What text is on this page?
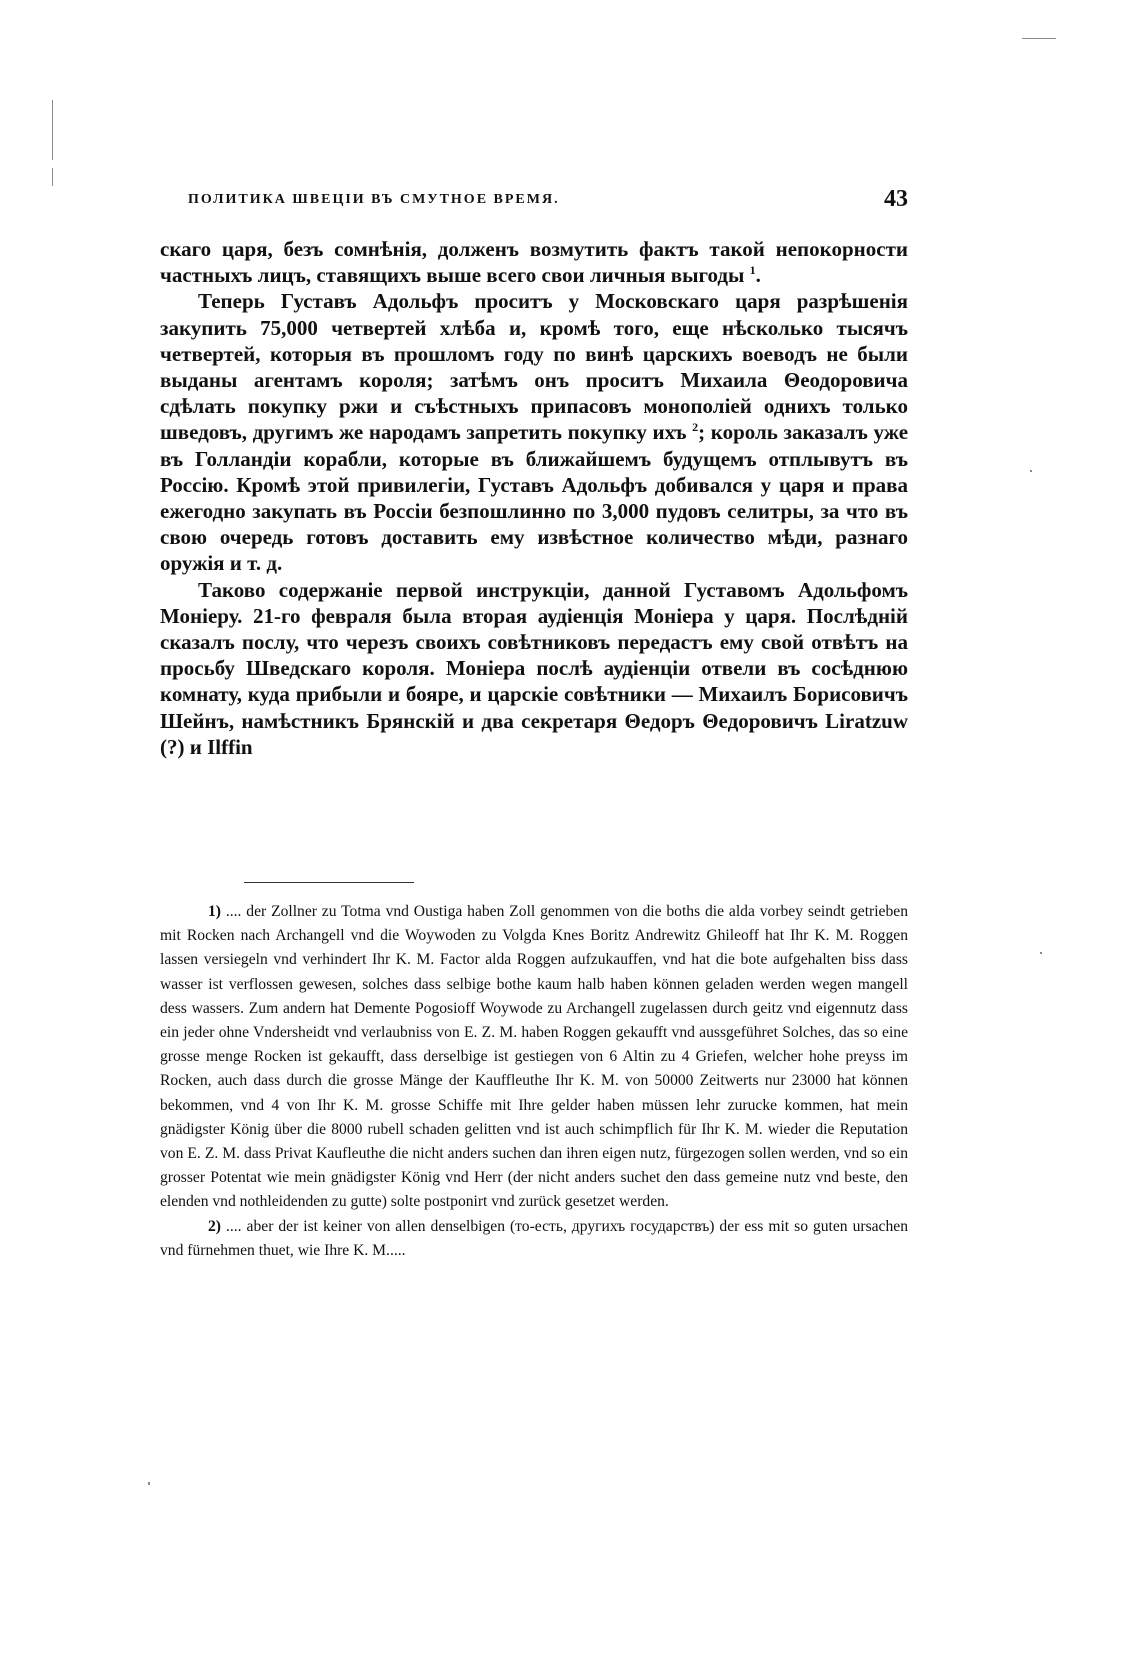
ПОЛИТИКА ШВЕЦІИ ВЪ СМУТНОЕ ВРЕМЯ.	43

скаго царя, безъ сомнѣнія, долженъ возмутить фактъ такой непокорности частныхъ лицъ, ставящихъ выше всего свои личныя выгоды $^1$.

Теперь Густавъ Адольфъ проситъ у Московскаго царя разрѣшенія закупить 75,000 четвертей хлѣба и, кромѣ того, еще нѣсколько тысячъ четвертей, которыя въ прошломъ году по винѣ царскихъ воеводъ не были выданы агентамъ короля; затѣмъ онъ проситъ Михаила Θеодоровича сдѣлать покупку ржи и съѣстныхъ припасовъ монополіей однихъ только шведовъ, другимъ же народамъ запретить покупку ихъ $^2$; король заказалъ уже въ Голландіи корабли, которые въ ближайшемъ будущемъ отплывутъ въ Россію. Кромѣ этой привилегіи, Густавъ Адольфъ добивался у царя и права ежегодно закупать въ Россіи безпошлинно по 3,000 пудовъ селитры, за что въ свою очередь готовъ доставить ему извѣстное количество мѣди, разнаго оружія и т. д.

Таково содержаніе первой инструкціи, данной Густавомъ Адольфомъ Моніеру. 21-го февраля была вторая аудіенція Моніера у царя. Послѣдній сказалъ послу, что черезъ своихъ совѣтниковъ передастъ ему свой отвѣтъ на просьбу Шведскаго короля. Моніера послѣ аудіенціи отвели въ сосѣднюю комнату, куда прибыли и бояре, и царскіе совѣтники — Михаилъ Борисовичъ Шейнъ, намѣстникъ Брянскій и два секретаря Θедоръ Θедоровичъ Liratzuw (?) и Ilffin

1) .... der Zollner zu Totma vnd Oustiga haben Zoll genommen von die boths die alda vorbey seindt getrieben mit Rocken nach Archangell vnd die Woywoden zu Volgda Knes Boritz Andrewitz Ghileoff hat Ihr K. M. Roggen lassen versiegeln vnd verhindert Ihr K. M. Factor alda Roggen aufzukauffen, vnd hat die bote aufgehalten biss dass wasser ist verflossen gewesen, solches dass selbige bothe kaum halb haben können geladen werden wegen mangell dess wassers. Zum andern hat Demente Pogosioff Woywode zu Archangell zugelassen durch geitz vnd eigennutz dass ein jeder ohne Vndersheidt vnd verlaubniss von E. Z. M. haben Roggen gekaufft vnd aussgeführet Solches, das so eine grosse menge Rocken ist gekaufft, dass derselbige ist gestiegen von 6 Altin zu 4 Griefen, welcher hohe preyss im Rocken, auch dass durch die grosse Mänge der Kauffleuthe Ihr K. M. von 50000 Zeitwerts nur 23000 hat können bekommen, vnd 4 von Ihr K. M. grosse Schiffe mit Ihre gelder haben müssen lehr zurucke kommen, hat mein gnädigster König über die 8000 rubell schaden gelitten vnd ist auch schimpflich für Ihr K. M. wieder die Reputation von E. Z. M. dass Privat Kaufleuthe die nicht anders suchen dan ihren eigen nutz, fürgezogen sollen werden, vnd so ein grosser Potentat wie mein gnädigster König vnd Herr (der nicht anders suchet den dass gemeine nutz vnd beste, den elenden vnd nothleidenden zu gutte) solte postponirt vnd zurück gesetzet werden.

2) .... aber der ist keiner von allen denselbigen (то-есть, другихъ государствъ) der ess mit so guten ursachen vnd fürnehmen thuet, wie Ihre K. M.....
